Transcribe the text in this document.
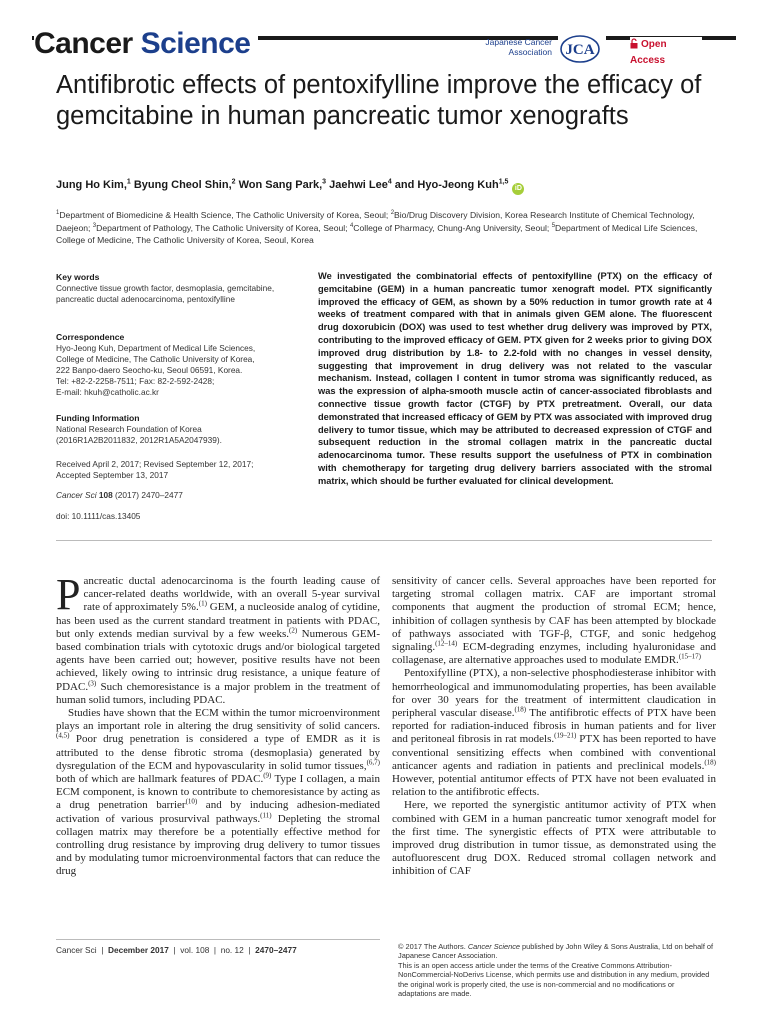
Cancer Science	Japanese Cancer
Association JCA	Open Access
Antifibrotic effects of pentoxifylline improve the efficacy of gemcitabine in human pancreatic tumor xenografts
Jung Ho Kim,$^1$ Byung Cheol Shin,$^2$ Won Sang Park,$^3$ Jaehwi Lee$^4$ and Hyo-Jeong Kuh$^{1,5}$iD
$^1$Department of Biomedicine & Health Science, The Catholic University of Korea, Seoul; $^2$Bio/Drug Discovery Division, Korea Research Institute of Chemical Technology, Daejeon; $^3$Department of Pathology, The Catholic University of Korea, Seoul; $^4$College of Pharmacy, Chung-Ang University, Seoul; $^5$Department of Medical Life Sciences, College of Medicine, The Catholic University of Korea, Seoul, Korea
Key words

Connective tissue growth factor, desmoplasia, gemcitabine, pancreatic ductal adenocarcinoma, pentoxifylline

Correspondence

Hyo-Jeong Kuh, Department of Medical Life Sciences,

College of Medicine, The Catholic University of Korea,

222 Banpo-daero Seocho-ku, Seoul 06591, Korea.

Tel: +82-2-2258-7511; Fax: 82-2-592-2428;

E-mail: hkuh@catholic.ac.kr

Funding Information

National Research Foundation of Korea

(2016R1A2B2011832, 2012R1A5A2047939).

Received April 2, 2017; Revised September 12, 2017;

Accepted September 13, 2017

Cancer Sci 108 (2017) 2470–2477

doi: 10.1111/cas.13405
We investigated the combinatorial effects of pentoxifylline (PTX) on the efficacy of gemcitabine (GEM) in a human pancreatic tumor xenograft model. PTX significantly improved the efficacy of GEM, as shown by a 50% reduction in tumor growth rate at 4 weeks of treatment compared with that in animals given GEM alone. The fluorescent drug doxorubicin (DOX) was used to test whether drug delivery was improved by PTX, contributing to the improved efficacy of GEM. PTX given for 2 weeks prior to giving DOX improved drug distribution by 1.8- to 2.2-fold with no changes in vessel density, suggesting that improvement in drug delivery was not related to the vascular mechanism. Instead, collagen I content in tumor stroma was significantly reduced, as was the expression of alpha-smooth muscle actin of cancer-associated fibroblasts and connective tissue growth factor (CTGF) by PTX pretreatment. Overall, our data demonstrated that increased efficacy of GEM by PTX was associated with improved drug delivery to tumor tissue, which may be attributed to decreased expression of CTGF and subsequent reduction in the stromal collagen matrix in the pancreatic ductal adenocarcinoma tumor. These results support the usefulness of PTX in combination with chemotherapy for targeting drug delivery barriers associated with the stromal matrix, which should be further evaluated for clinical development.

Pancreatic ductal adenocarcinoma is the fourth leading cause of cancer-related deaths worldwide, with an overall 5-year survival rate of approximately 5%.$^{(1)}$ GEM, a nucleoside analog of cytidine, has been used as the current standard treatment in patients with PDAC, but only extends median survival by a few weeks.$^{(2)}$ Numerous GEM-based combination trials with cytotoxic drugs and/or biological targeted agents have been carried out; however, positive results have not been achieved, likely owing to intrinsic drug resistance, a unique feature of PDAC.$^{(3)}$ Such chemoresistance is a major problem in the treatment of human solid tumors, including PDAC.

Studies have shown that the ECM within the tumor microenvironment plays an important role in altering the drug sensitivity of solid cancers.$^{(4,5)}$ Poor drug penetration is considered a type of EMDR as it is attributed to the dense fibrotic stroma (desmoplasia) generated by dysregulation of the ECM and hypovascularity in solid tumor tissues,$^{(6,7)}$ both of which are hallmark features of PDAC.$^{(9)}$ Type I collagen, a main ECM component, is known to contribute to chemoresistance by acting as a drug penetration barrier$^{(10)}$ and by inducing adhesion-mediated activation of various prosurvival pathways.$^{(11)}$ Depleting the stromal collagen matrix may therefore be a potentially effective method for controlling drug resistance by improving drug delivery to tumor tissues and by modulating tumor microenvironmental factors that can reduce the drug

sensitivity of cancer cells. Several approaches have been reported for targeting stromal collagen matrix. CAF are important stromal components that augment the production of stromal ECM; hence, inhibition of collagen synthesis by CAF has been attempted by blockade of pathways associated with TGF-β, CTGF, and sonic hedgehog signaling.$^{(12-14)}$ ECM-degrading enzymes, including hyaluronidase and collagenase, are alternative approaches used to modulate EMDR.$^{(15-17)}$

Pentoxifylline (PTX), a non-selective phosphodiesterase inhibitor with hemorrheological and immunomodulating properties, has been available for over 30 years for the treatment of intermittent claudication in peripheral vascular disease.$^{(18)}$ The antifibrotic effects of PTX have been reported for radiation-induced fibrosis in human patients and for liver and peritoneal fibrosis in rat models.$^{(19-21)}$ PTX has been reported to have conventional sensitizing effects when combined with conventional anticancer agents and radiation in patients and preclinical models.$^{(18)}$ However, potential antitumor effects of PTX have not been evaluated in relation to the antifibrotic effects.

Here, we reported the synergistic antitumor activity of PTX when combined with GEM in a human pancreatic tumor xenograft model for the first time. The synergistic effects of PTX were attributable to improved drug distribution in tumor tissue, as demonstrated using the autofluorescent drug DOX. Reduced stromal collagen network and inhibition of CAF

Cancer Sci  |  December 2017  |  vol. 108  |  no. 12  |  2470–2477	© 2017 The Authors. Cancer Science published by John Wiley & Sons Australia, Ltd on behalf of Japanese Cancer Association.
This is an open access article under the terms of the Creative Commons Attribution-NonCommercial-NoDerivs License, which permits use and distribution in any medium, provided the original work is properly cited, the use is non-commercial and no modifications or adaptations are made.
